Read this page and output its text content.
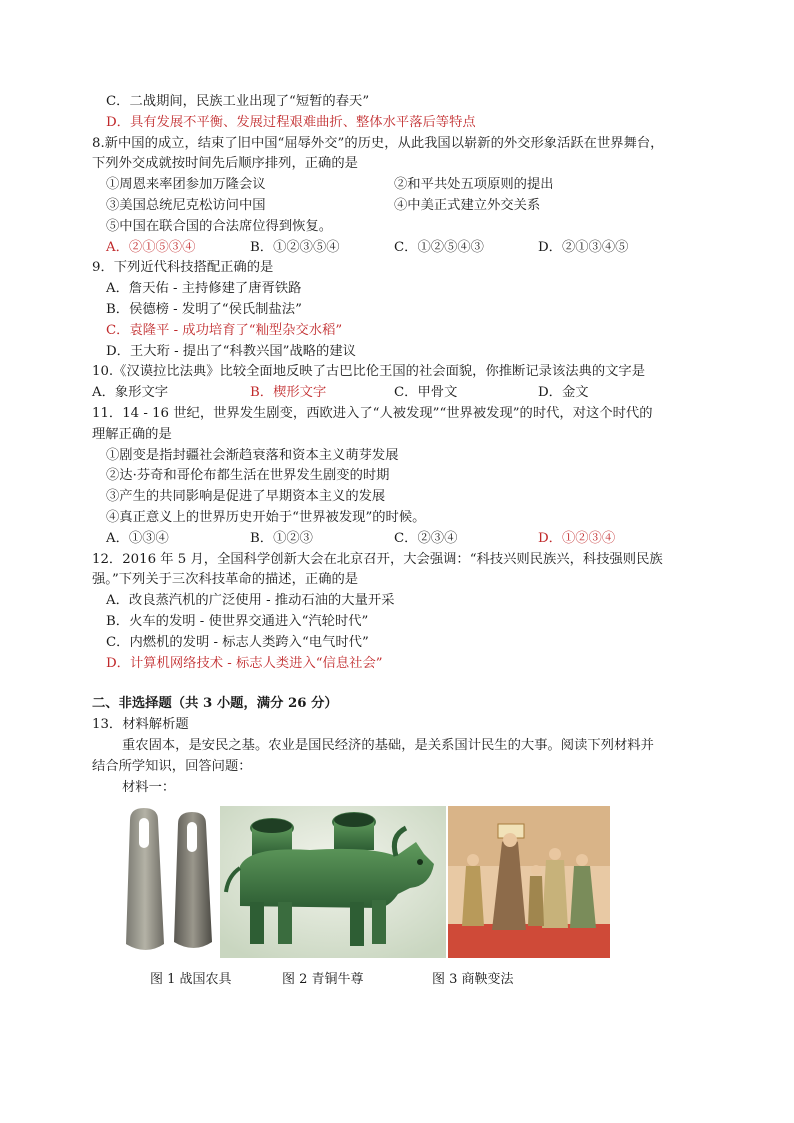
C．二战期间，民族工业出现了“短暂的春天”
D．具有发展不平衡、发展过程艰难曲折、整体水平落后等特点
8.新中国的成立，结束了旧中国“屈辱外交”的历史，从此我国以崭新的外交形象活跃在世界舞台，
下列外交成就按时间先后顺序排列，正确的是
①周恩来率团参加万隆会议	②和平共处五项原则的提出
③美国总统尼克松访问中国	④中美正式建立外交关系
⑤中国在联合国的合法席位得到恢复。
A．②①⑤③④	B．①②③⑤④	C．①②⑤④③	D．②①③④⑤
9．下列近代科技搭配正确的是
A．詹天佑 - 主持修建了唐胥铁路
B．侯德榜 - 发明了“侯氏制盐法”
C．袁隆平 - 成功培育了“籼型杂交水稻”
D．王大珩 - 提出了“科教兴国”战略的建议
10.《汉谟拉比法典》比较全面地反映了古巴比伦王国的社会面貌，你推断记录该法典的文字是
A．象形文字	B．楔形文字	C．甲骨文	D．金文
11．14 - 16 世纪，世界发生剧变，西欧进入了“人被发现”“世界被发现”的时代，对这个时代的
理解正确的是
①剧变是指封疆社会渐趋衰落和资本主义萌芽发展
②达·芬奇和哥伦布都生活在世界发生剧变的时期
③产生的共同影响是促进了早期资本主义的发展
④真正意义上的世界历史开始于“世界被发现”的时候。
A．①③④	B．①②③	C．②③④	D．①②③④
12．2016 年 5 月，全国科学创新大会在北京召开，大会强调：“科技兴则民族兴，科技强则民族
强。”下列关于三次科技革命的描述，正确的是
A．改良蒸汽机的广泛使用 - 推动石油的大量开采
B．火车的发明 - 使世界交通进入“汽轮时代”
C．内燃机的发明 - 标志人类跨入“电气时代”
D．计算机网络技术 - 标志人类进入“信息社会”
二、非选择题（共 3 小题，满分 26 分）
13．材料解析题
重农固本，是安民之基。农业是国民经济的基础，是关系国计民生的大事。阅读下列材料并
结合所学知识，回答问题：
材料一：
图 1 战国农具	图 2 青铜牛尊	图 3 商鞅变法
